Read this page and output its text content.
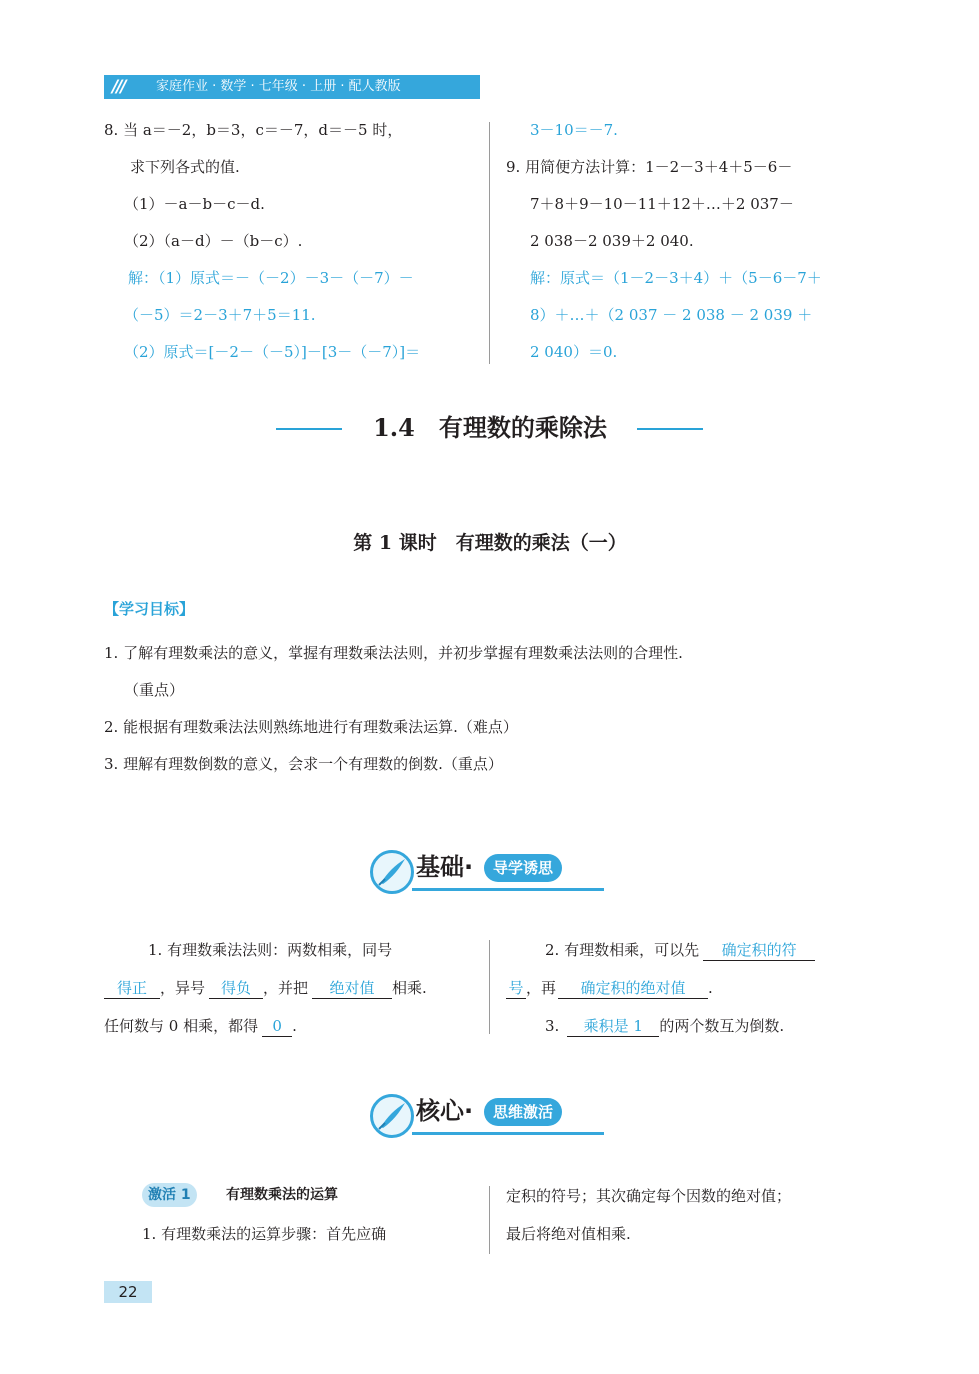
/// 家庭作业 · 数学 · 七年级 · 上册 · 配人教版
8. 当 a＝－2，b＝3，c＝－7，d＝－5 时，
求下列各式的值.
（1）－a－b－c－d.
（2）（a－d）－（b－c）.
解：（1）原式＝－（－2）－3－（－7）－
（－5）＝2－3＋7＋5＝11.
（2）原式＝[－2－（－5）]－[3－（－7）]＝
3－10＝－7.
9. 用简便方法计算：1－2－3＋4＋5－6－
7＋8＋9－10－11＋12＋…＋2 037－
2 038－2 039＋2 040.
解：原式＝（1－2－3＋4）＋（5－6－7＋
8）＋…＋（2 037 － 2 038 － 2 039 ＋
2 040）＝0.
1.4　有理数的乘除法
第 1 课时　有理数的乘法（一）
【学习目标】
1. 了解有理数乘法的意义，掌握有理数乘法法则，并初步掌握有理数乘法法则的合理性.
（重点）
2. 能根据有理数乘法法则熟练地进行有理数乘法运算.（难点）
3. 理解有理数倒数的意义，会求一个有理数的倒数.（重点）
基础·	导学诱思
1. 有理数乘法法则：两数相乘，同号
得正 ，异号 得负 ，并把 绝对值 相乘.
任何数与 0 相乘，都得 0 .
2. 有理数相乘，可以先 确定积的符
号 ，再 确定积的绝对值 .
3. 乘积是 1 的两个数互为倒数.
核心·	思维激活
激活 1	有理数乘法的运算
1. 有理数乘法的运算步骤：首先应确
定积的符号；其次确定每个因数的绝对值；
最后将绝对值相乘.
22
